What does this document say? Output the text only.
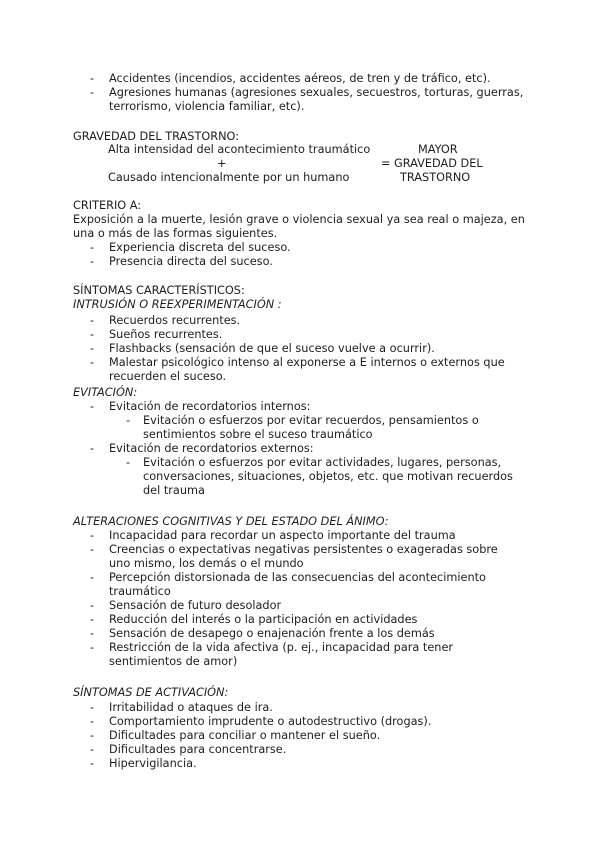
- Accidentes (incendios, accidentes aéreos, de tren y de tráfico, etc).
- Agresiones humanas (agresiones sexuales, secuestros, torturas, guerras,
terrorismo, violencia familiar, etc).
GRAVEDAD DEL TRASTORNO:
Alta intensidad del acontecimiento traumático
+
Causado intencionalmente por un humano
MAYOR
= GRAVEDAD DEL
TRASTORNO
CRITERIO A:
Exposición a la muerte, lesión grave o violencia sexual ya sea real o majeza, en
una o más de las formas siguientes.
- Experiencia discreta del suceso.
- Presencia directa del suceso.
SÍNTOMAS CARACTERÍSTICOS:
INTRUSIÓN O REEXPERIMENTACIÓN :
- Recuerdos recurrentes.
- Sueños recurrentes.
- Flashbacks (sensación de que el suceso vuelve a ocurrir).
- Malestar psicológico intenso al exponerse a E internos o externos que
recuerden el suceso.
EVITACIÓN:
- Evitación de recordatorios internos:
- Evitación o esfuerzos por evitar recuerdos, pensamientos o
sentimientos sobre el suceso traumático
- Evitación de recordatorios externos:
- Evitación o esfuerzos por evitar actividades, lugares, personas,
conversaciones, situaciones, objetos, etc. que motivan recuerdos
del trauma
ALTERACIONES COGNITIVAS Y DEL ESTADO DEL ÁNIMO:
- Incapacidad para recordar un aspecto importante del trauma
- Creencias o expectativas negativas persistentes o exageradas sobre
uno mismo, los demás o el mundo
- Percepción distorsionada de las consecuencias del acontecimiento
traumático
- Sensación de futuro desolador
- Reducción del interés o la participación en actividades
- Sensación de desapego o enajenación frente a los demás
- Restricción de la vida afectiva (p. ej., incapacidad para tener
sentimientos de amor)
SÍNTOMAS DE ACTIVACIÓN:
- Irritabilidad o ataques de ira.
- Comportamiento imprudente o autodestructivo (drogas).
- Dificultades para conciliar o mantener el sueño.
- Dificultades para concentrarse.
- Hipervigilancia.
